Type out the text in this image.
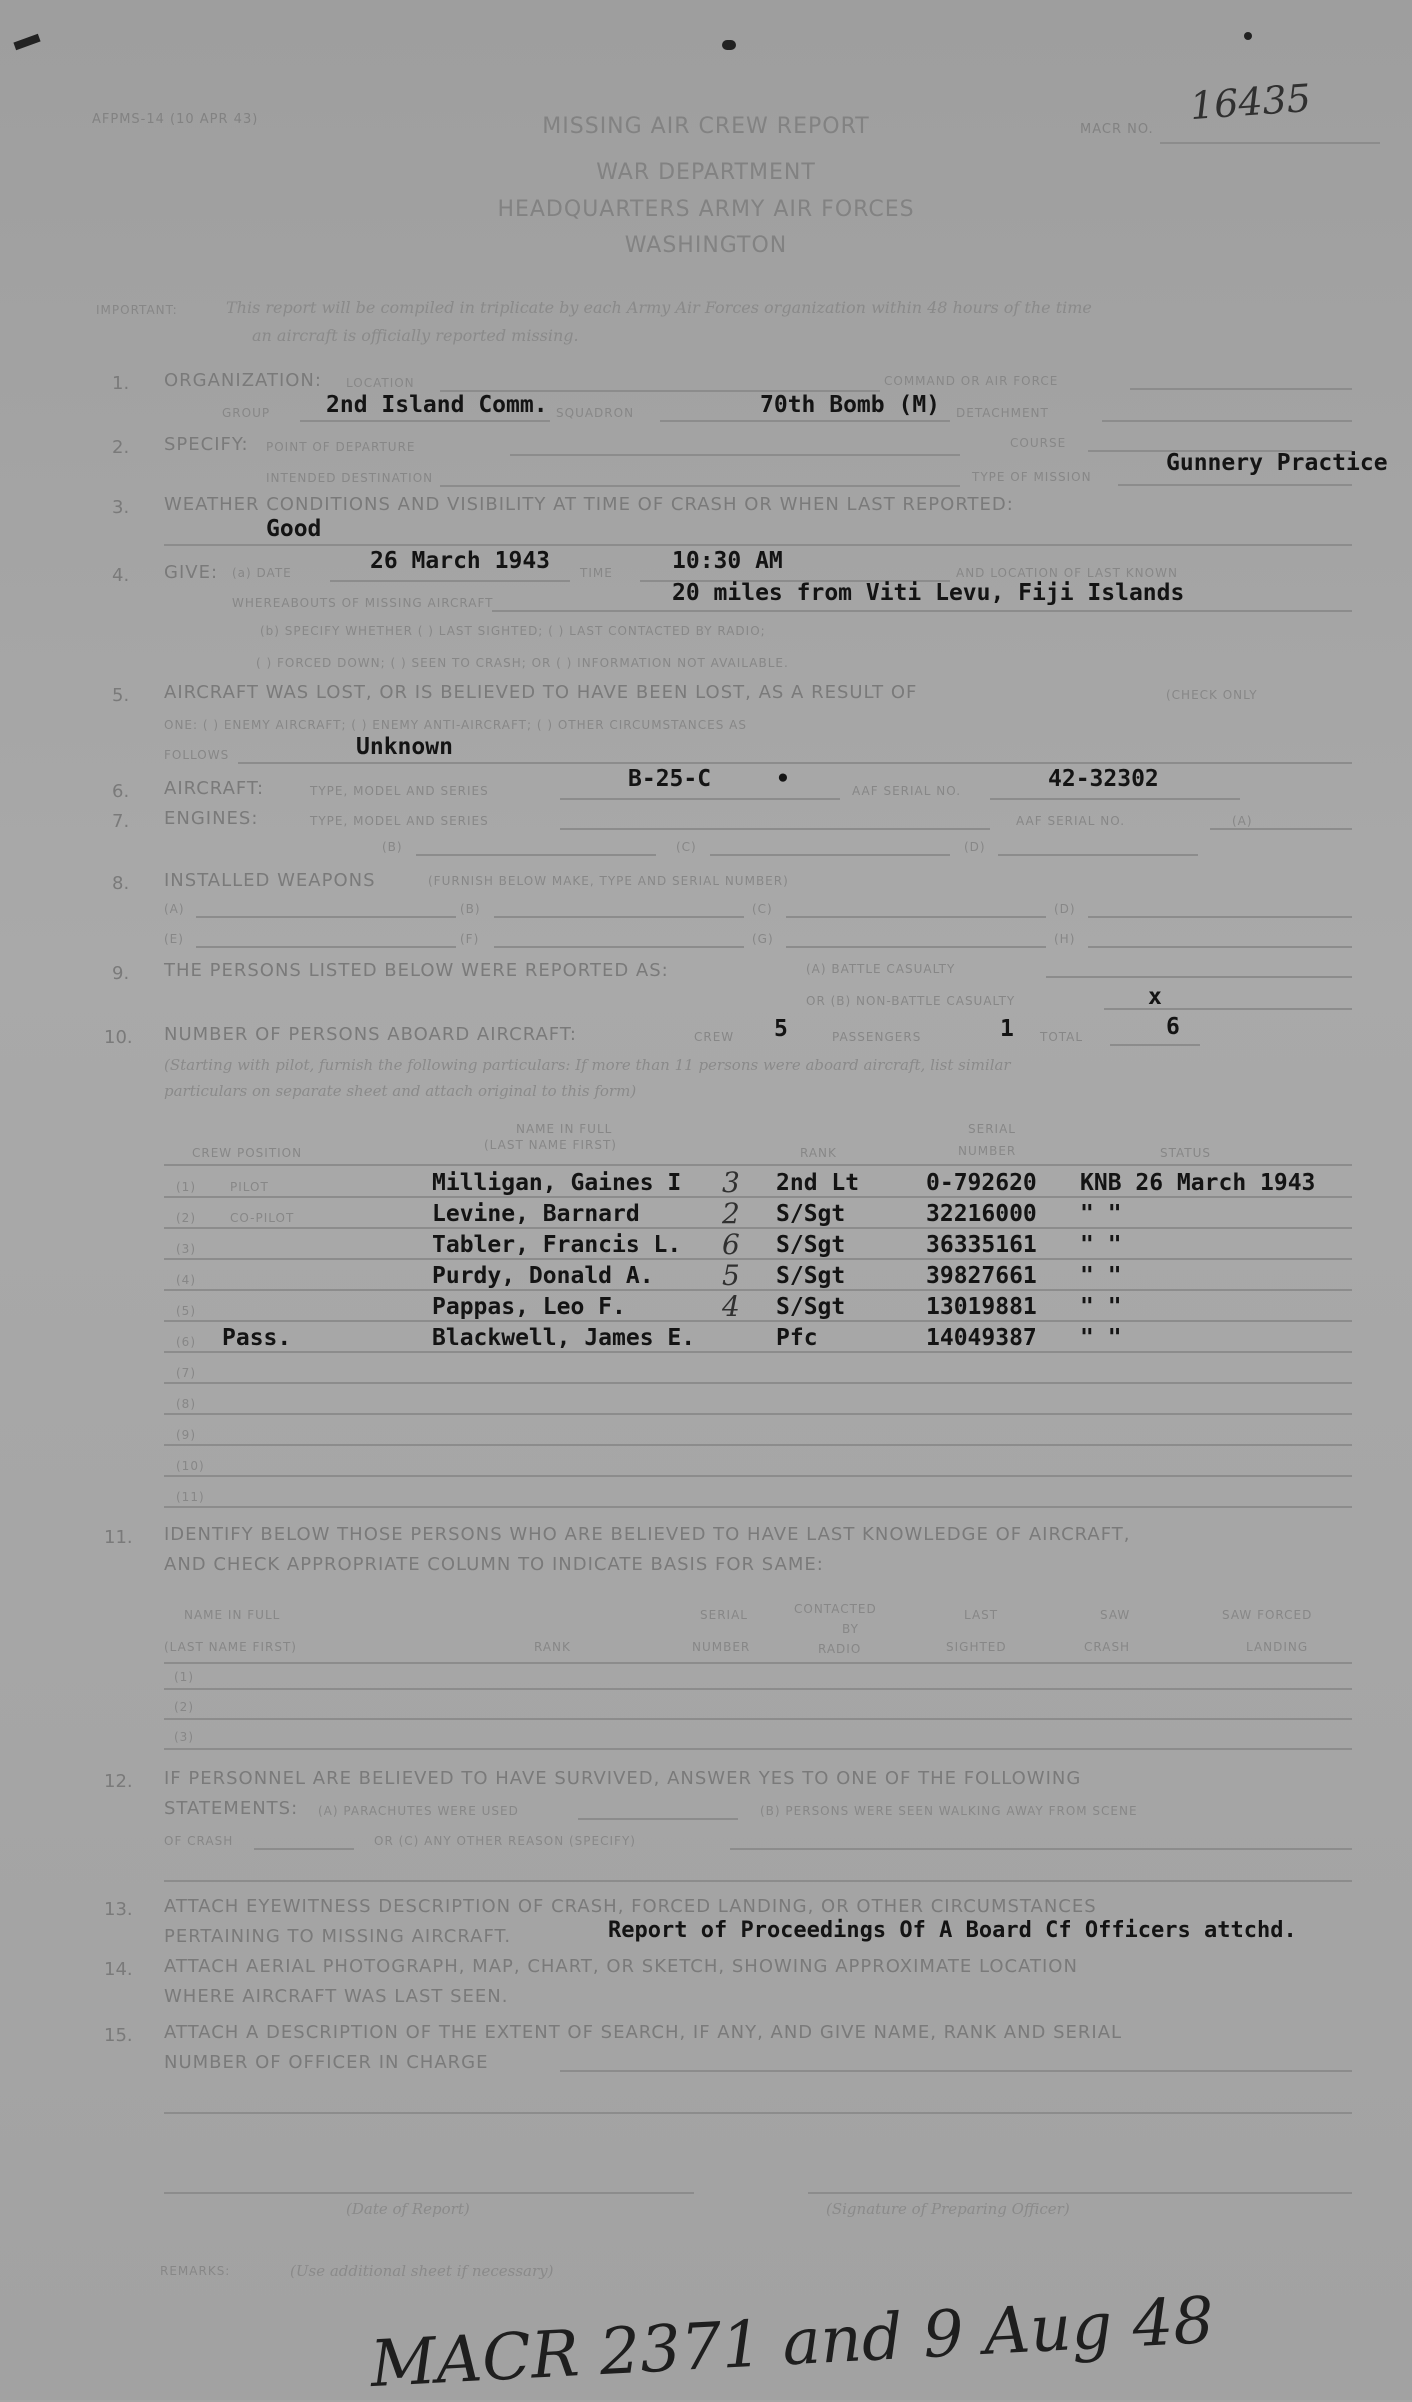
AFPMS-14 (10 APR 43)	MISSING AIR CREW REPORT
WAR DEPARTMENT
HEADQUARTERS ARMY AIR FORCES
WASHINGTON
MACR NO.
16435
IMPORTANT:	This report will be compiled in triplicate by each Army Air Forces organization within 48 hours of the time
an aircraft is officially reported missing.
1. ORGANIZATION: LOCATION	COMMAND OR AIR FORCE
GROUP 2nd Island Comm. SQUADRON	70th Bomb (M) DETACHMENT
2. SPECIFY: POINT OF DEPARTURE	COURSE
INTENDED DESTINATION	TYPE OF MISSION
Gunnery Practice
3. WEATHER CONDITIONS AND VISIBILITY AT TIME OF CRASH OR WHEN LAST REPORTED:
Good
4. GIVE: (a) DATE	26 March 1943 TIME	10:30 AM	AND LOCATION OF LAST KNOWN
WHEREABOUTS OF MISSING AIRCRAFT	20 miles from Viti Levu, Fiji Islands
(b) SPECIFY WHETHER ( ) LAST SIGHTED; ( ) LAST CONTACTED BY RADIO;
( ) FORCED DOWN; ( ) SEEN TO CRASH; OR ( ) INFORMATION NOT AVAILABLE.
5. AIRCRAFT WAS LOST, OR IS BELIEVED TO HAVE BEEN LOST, AS A RESULT OF	(CHECK ONLY
ONE: ( ) ENEMY AIRCRAFT; ( ) ENEMY ANTI-AIRCRAFT; ( ) OTHER CIRCUMSTANCES AS
FOLLOWS	Unknown
6. AIRCRAFT:	TYPE, MODEL AND SERIES	B-25-C	•	AAF SERIAL NO.	42-32302
7. ENGINES:	TYPE, MODEL AND SERIES	AAF SERIAL NO.	(A)
(B)	(C)	(D)
8. INSTALLED WEAPONS	(FURNISH BELOW MAKE, TYPE AND SERIAL NUMBER)
(A)	(B)	(C)	(D)
(E)	(F)	(G)	(H)
9. THE PERSONS LISTED BELOW WERE REPORTED AS:	(A) BATTLE CASUALTY
OR (B) NON-BATTLE CASUALTY	x
10. NUMBER OF PERSONS ABOARD AIRCRAFT:	CREW 5	PASSENGERS	1 TOTAL	6
(Starting with pilot, furnish the following particulars: If more than 11 persons were aboard aircraft, list similar
particulars on separate sheet and attach original to this form)
CREW POSITION
NAME IN FULL
(LAST NAME FIRST)
RANK
SERIAL
NUMBER	STATUS
(1)	PILOT	Milligan, Gaines I 3 2nd Lt	0-792620 KNB 26 March 1943
(2)	CO-PILOT	Levine, Barnard	2 S/Sgt	32216000 " "
(3)	Tabler, Francis L. 6 S/Sgt	36335161 " "
(4)	Purdy, Donald A. 5 S/Sgt	39827661 " "
(5)	Pappas, Leo F.	4 S/Sgt	13019881 " "
(6) Pass.	Blackwell, James E.	Pfc	14049387 " "
(7)
(8)
(9)
(10)
(11)
11. IDENTIFY BELOW THOSE PERSONS WHO ARE BELIEVED TO HAVE LAST KNOWLEDGE OF AIRCRAFT,
AND CHECK APPROPRIATE COLUMN TO INDICATE BASIS FOR SAME:
NAME IN FULL
(LAST NAME FIRST)	RANK
SERIAL
NUMBER
CONTACTED
BY
RADIO
LAST
SIGHTED
SAW
CRASH
SAW FORCED
LANDING
(1)
(2)
(3)
12. IF PERSONNEL ARE BELIEVED TO HAVE SURVIVED, ANSWER YES TO ONE OF THE FOLLOWING
STATEMENTS: (A) PARACHUTES WERE USED	(B) PERSONS WERE SEEN WALKING AWAY FROM SCENE
OF CRASH	OR (C) ANY OTHER REASON (SPECIFY)
13. ATTACH EYEWITNESS DESCRIPTION OF CRASH, FORCED LANDING, OR OTHER CIRCUMSTANCES
PERTAINING TO MISSING AIRCRAFT.	Report of Proceedings Of A Board Cf Officers attchd.
14. ATTACH AERIAL PHOTOGRAPH, MAP, CHART, OR SKETCH, SHOWING APPROXIMATE LOCATION
WHERE AIRCRAFT WAS LAST SEEN.
15. ATTACH A DESCRIPTION OF THE EXTENT OF SEARCH, IF ANY, AND GIVE NAME, RANK AND SERIAL
NUMBER OF OFFICER IN CHARGE
(Date of Report)	(Signature of Preparing Officer)
REMARKS:	(Use additional sheet if necessary)
MACR 2371 and 9 Aug 48
